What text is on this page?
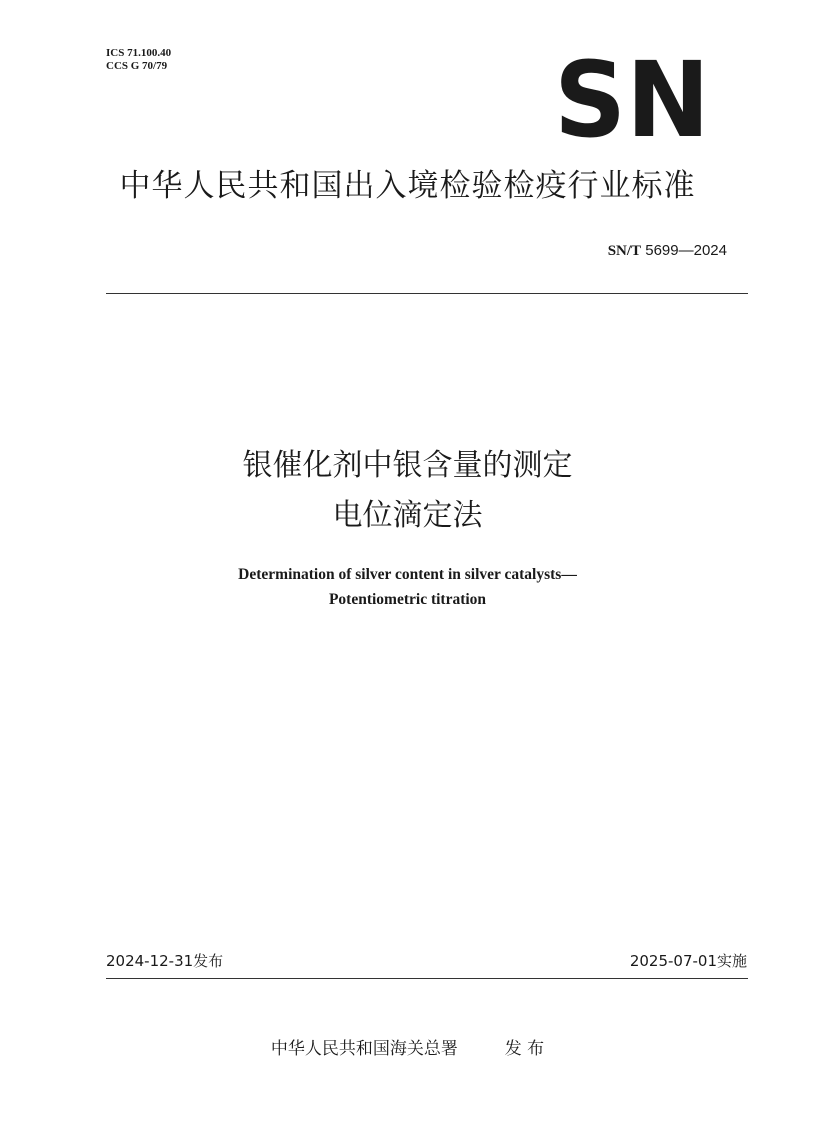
ICS 71.100.40
CCS G 70/79	SN
中华人民共和国出入境检验检疫行业标准
SN/T 5699—2024
银催化剂中银含量的测定
电位滴定法
Determination of silver content in silver catalysts—
Potentiometric titration
2024-12-31发布	2025-07-01实施
中华人民共和国海关总署	发 布
